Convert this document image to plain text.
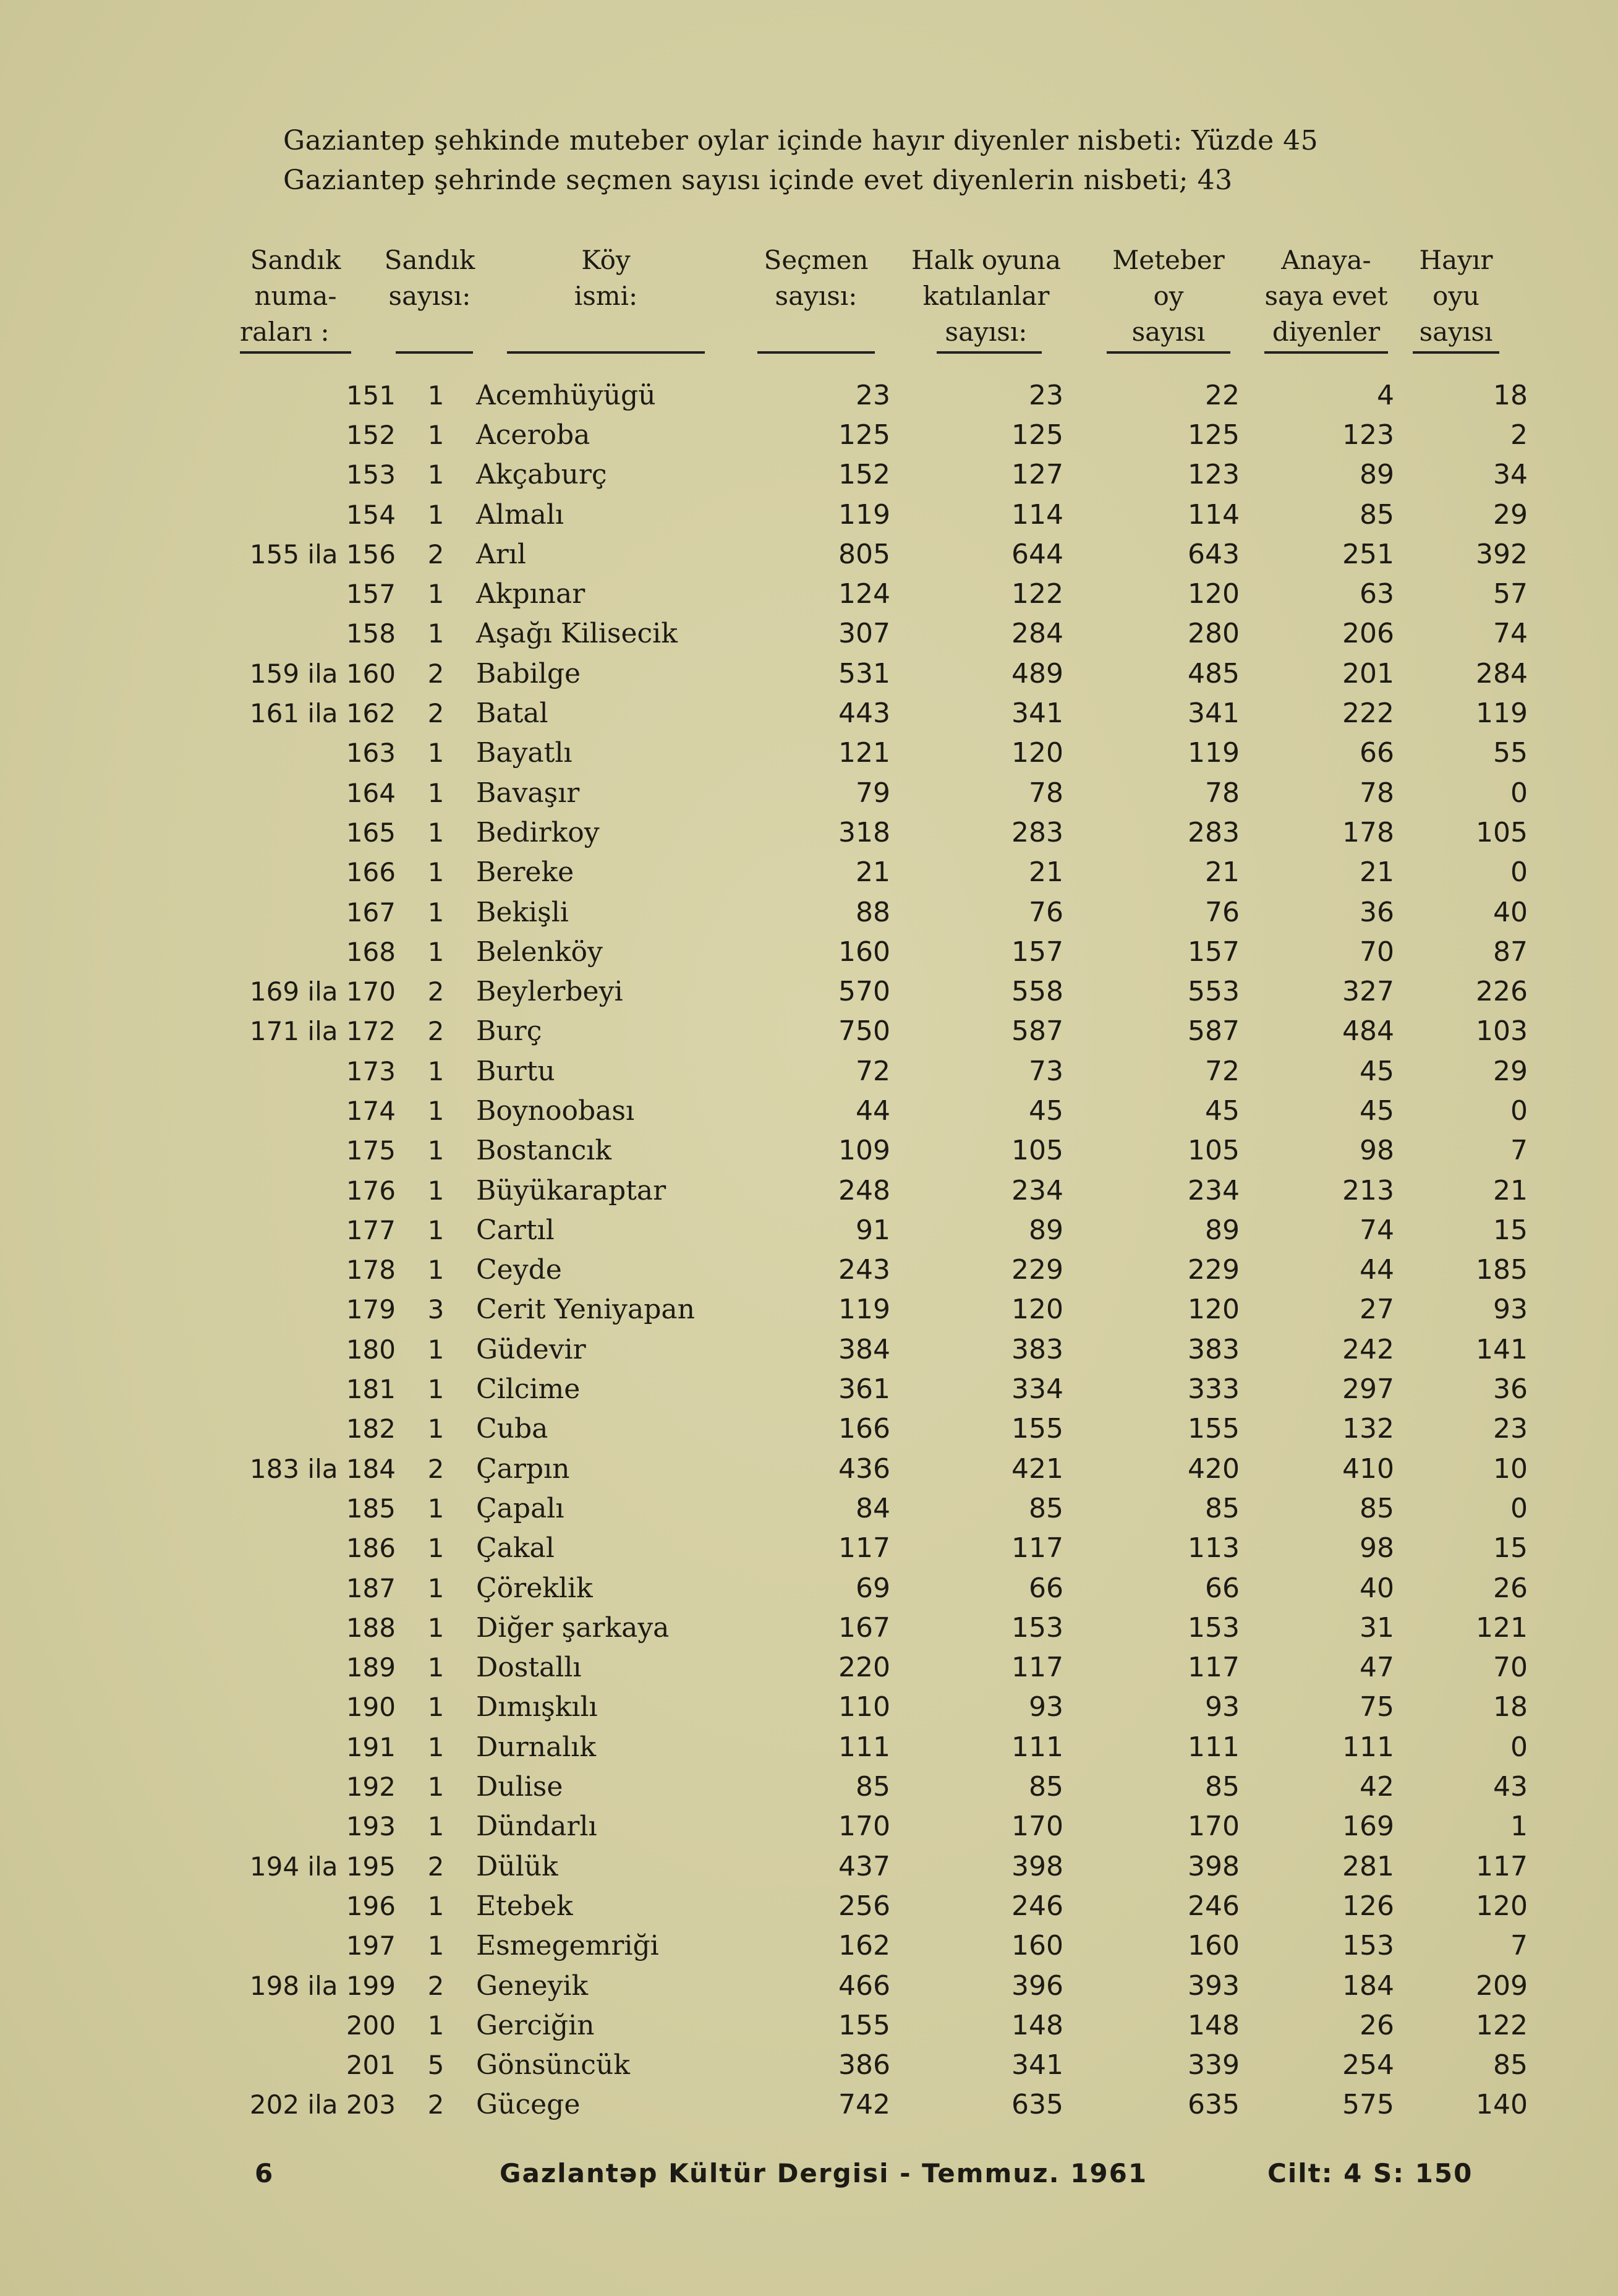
Gaziantep şehkinde muteber oylar içinde hayır diyenler nisbeti: Yüzde 45
Gaziantep şehrinde seçmen sayısı içinde evet diyenlerin nisbeti; 43
Sandık
numa-
raları :
Sandık
sayısı:

Köy
ismi:

Seçmen
sayısı:

Halk oyuna
katılanlar
sayısı:
Meteber
oy
sayısı
Anaya-
saya evet
diyenler
Hayır
oyu
sayısı
151	1	Acemhüyügü	23	23	22	4	18
152	1	Aceroba	125	125	125	123	2
153	1	Akçaburç	152	127	123	89	34
154	1	Almalı	119	114	114	85	29
155 ila 156	2	Arıl	805	644	643	251	392
157	1	Akpınar	124	122	120	63	57
158	1	Aşağı Kilisecik	307	284	280	206	74
159 ila 160	2	Babilge	531	489	485	201	284
161 ila 162	2	Batal	443	341	341	222	119
163	1	Bayatlı	121	120	119	66	55
164	1	Bavaşır	79	78	78	78	0
165	1	Bedirkoy	318	283	283	178	105
166	1	Bereke	21	21	21	21	0
167	1	Bekişli	88	76	76	36	40
168	1	Belenköy	160	157	157	70	87
169 ila 170	2	Beylerbeyi	570	558	553	327	226
171 ila 172	2	Burç	750	587	587	484	103
173	1	Burtu	72	73	72	45	29
174	1	Boynoobası	44	45	45	45	0
175	1	Bostancık	109	105	105	98	7
176	1	Büyükaraptar	248	234	234	213	21
177	1	Cartıl	91	89	89	74	15
178	1	Ceyde	243	229	229	44	185
179	3	Cerit Yeniyapan	119	120	120	27	93
180	1	Güdevir	384	383	383	242	141
181	1	Cilcime	361	334	333	297	36
182	1	Cuba	166	155	155	132	23
183 ila 184	2	Çarpın	436	421	420	410	10
185	1	Çapalı	84	85	85	85	0
186	1	Çakal	117	117	113	98	15
187	1	Çöreklik	69	66	66	40	26
188	1	Diğer şarkaya	167	153	153	31	121
189	1	Dostallı	220	117	117	47	70
190	1	Dımışkılı	110	93	93	75	18
191	1	Durnalık	111	111	111	111	0
192	1	Dulise	85	85	85	42	43
193	1	Dündarlı	170	170	170	169	1
194 ila 195	2	Dülük	437	398	398	281	117
196	1	Etebek	256	246	246	126	120
197	1	Esmegemriği	162	160	160	153	7
198 ila 199	2	Geneyik	466	396	393	184	209
200	1	Gerciğin	155	148	148	26	122
201	5	Gönsüncük	386	341	339	254	85
202 ila 203	2	Gücege	742	635	635	575	140
6	Gazlantəp Kültür Dergisi - Temmuz. 1961	Cilt: 4 S: 150
